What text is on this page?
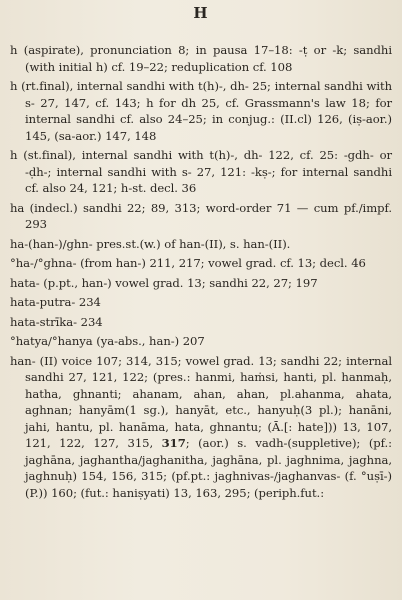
H

h (aspirate), pronunciation 8; in pausa 17–18: -ṭ or -k; sandhi (with initial h) cf. 19–22; reduplication cf. 108

h (rt.final), internal sandhi with t(h)-, dh- 25; internal sandhi with s- 27, 147, cf. 143; h for dh 25, cf. Grassmann's law 18; for internal sandhi cf. also 24–25; in conjug.: (II.cl) 126, (iṣ-aor.) 145, (sa-aor.) 147, 148

h (st.final), internal sandhi with t(h)-, dh- 122, cf. 25: -gdh- or -ḍh-; internal sandhi with s- 27, 121: -kṣ-; for internal sandhi cf. also 24, 121; h-st. decl. 36

ha (indecl.) sandhi 22; 89, 313; word-order 71 — cum pf./impf. 293

ha-(han-)/ghn- pres.st.(w.) of han-(II), s. han-(II).

°ha-/°ghna- (from han-) 211, 217; vowel grad. cf. 13; decl. 46

hata- (p.pt., han-) vowel grad. 13; sandhi 22, 27; 197

hata-putra- 234

hata-strīka- 234

°hatya/°hanya (ya-abs., han-) 207

han- (II) voice 107; 314, 315; vowel grad. 13; sandhi 22; internal sandhi 27, 121, 122; (pres.: hanmi, haṁsi, hanti, pl. hanmaḥ, hatha, ghnanti; ahanam, ahan, ahan, pl.ahanma, ahata, aghnan; hanyām(1 sg.), hanyāt, etc., hanyuḥ(3 pl.); hanāni, jahi, hantu, pl. hanāma, hata, ghnantu; (Ā.[: hate])) 13, 107, 121, 122, 127, 315, 317; (aor.) s. vadh-(suppletive); (pf.: jaghāna, jaghantha/jaghanitha, jaghāna, pl. jaghnima, jaghna, jaghnuḥ) 154, 156, 315; (pf.pt.: jaghnivas-/jaghanvas- (f. °uṣī-) (P.)) 160; (fut.: haniṣyati) 13, 163, 295; (periph.fut.:
